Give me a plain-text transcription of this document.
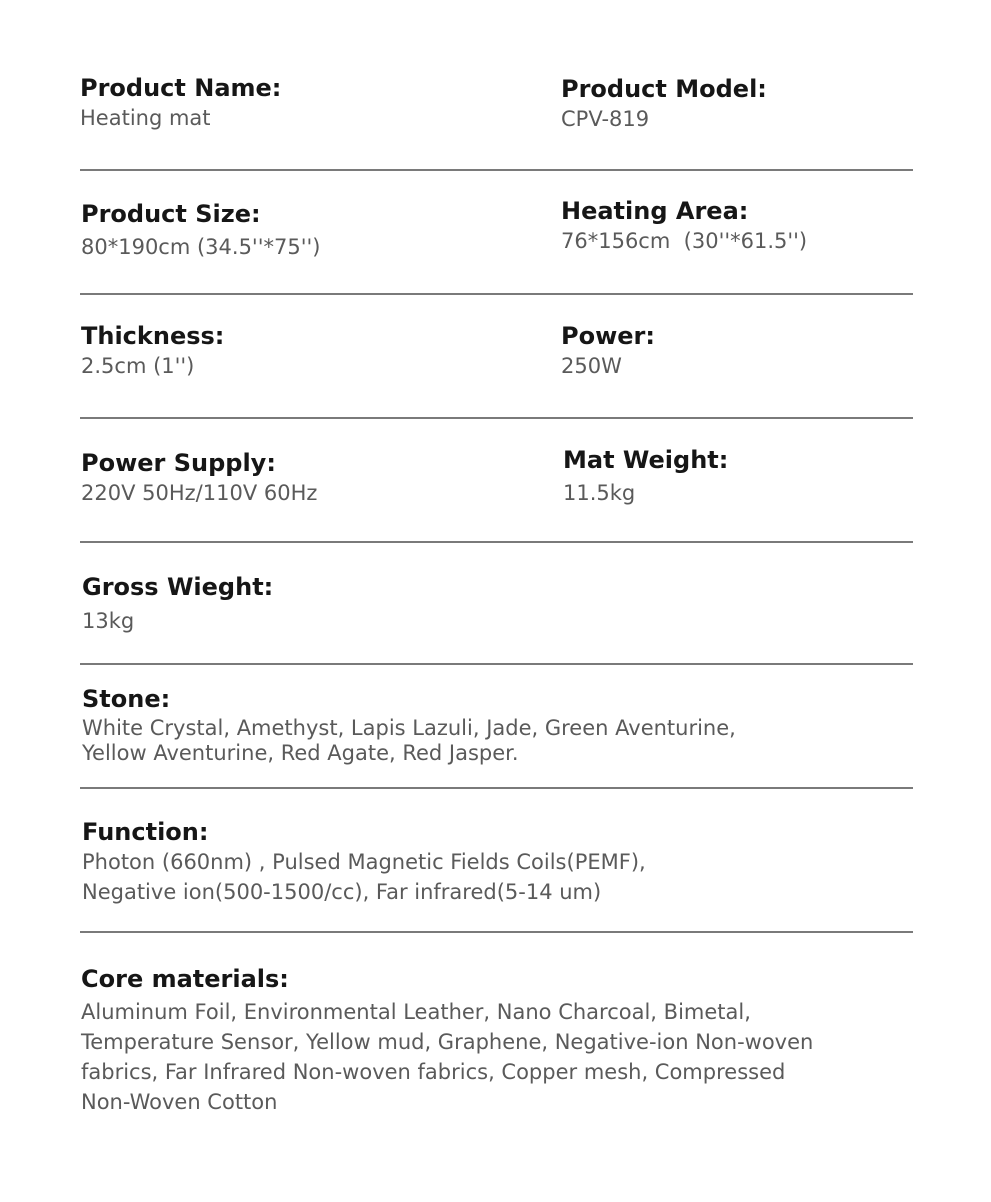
Product Name:
Heating mat
Product Model:
CPV-819
Product Size:
80*190cm (34.5''*75'')
Heating Area:
76*156cm  (30''*61.5'')
Thickness:
2.5cm (1'')
Power:
250W
Power Supply:
220V 50Hz/110V 60Hz
Mat Weight:
11.5kg
Gross Wieght:
13kg
Stone:
White Crystal, Amethyst, Lapis Lazuli, Jade, Green Aventurine,
Yellow Aventurine, Red Agate, Red Jasper.
Function:
Photon (660nm) , Pulsed Magnetic Fields Coils(PEMF),
Negative ion(500-1500/cc), Far infrared(5-14 um)
Core materials:
Aluminum Foil, Environmental Leather, Nano Charcoal, Bimetal,
Temperature Sensor, Yellow mud, Graphene, Negative-ion Non-woven
fabrics, Far Infrared Non-woven fabrics, Copper mesh, Compressed
Non-Woven Cotton
